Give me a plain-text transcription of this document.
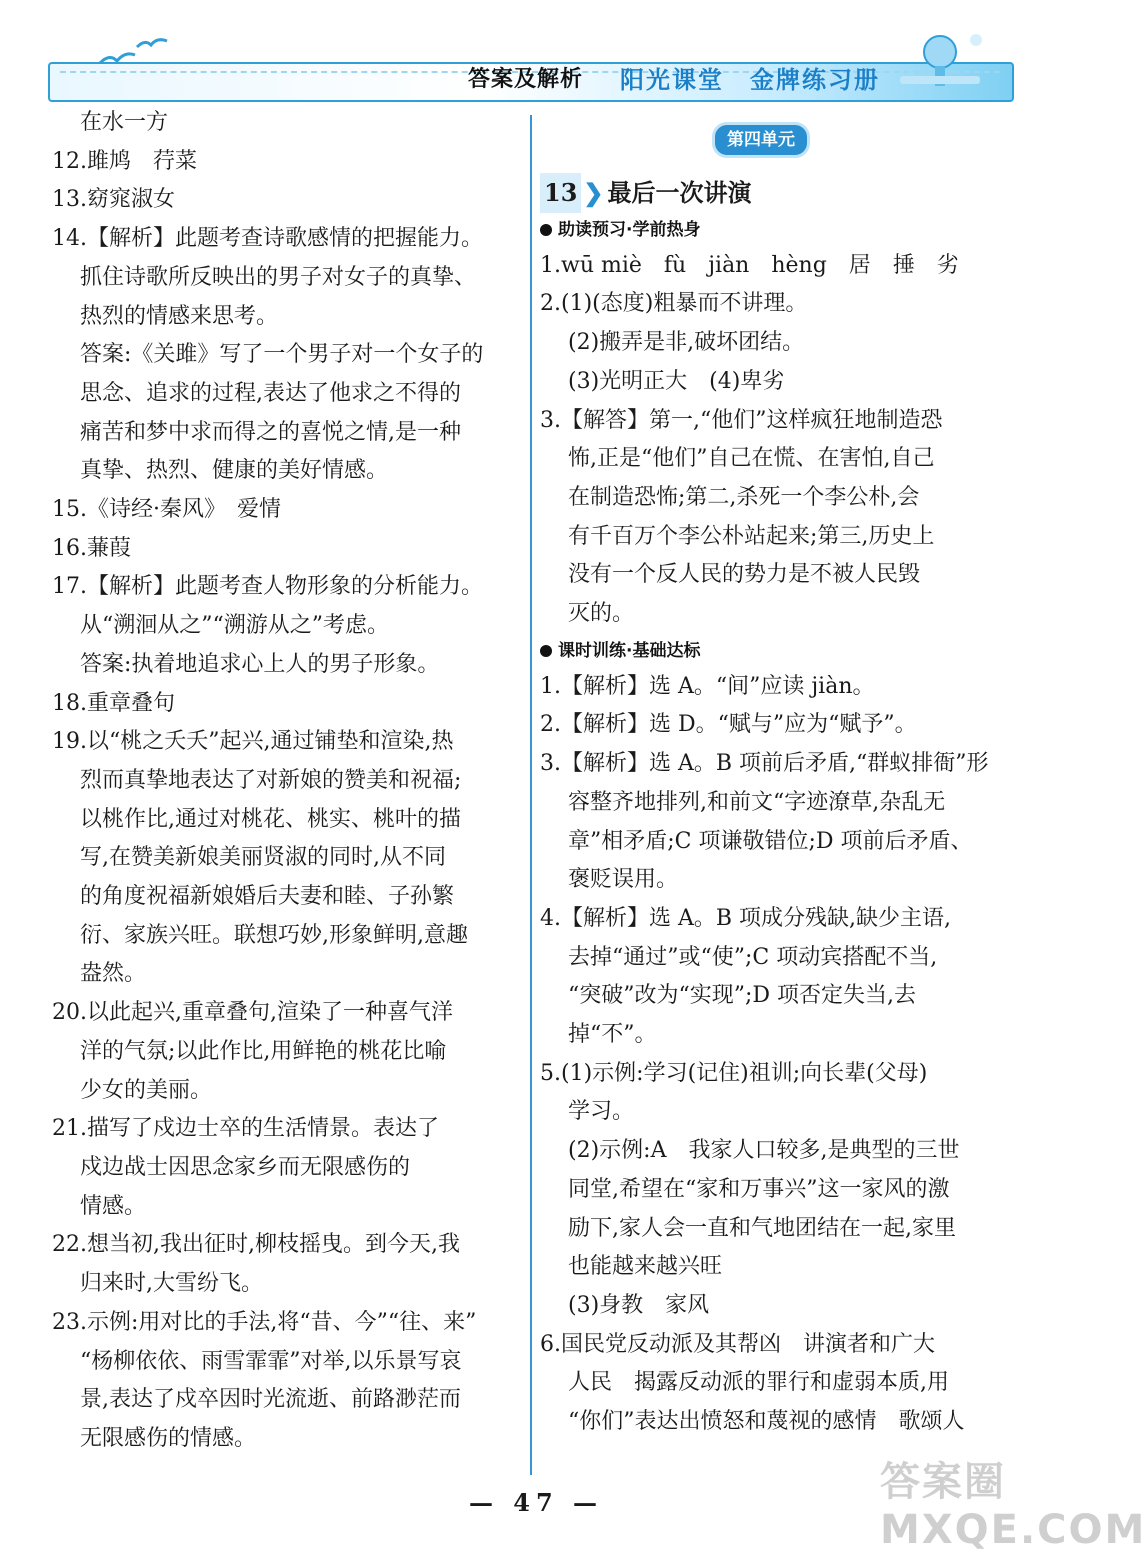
答案及解析 阳光课堂　金牌练习册
在水一方
12.雎鸠　荇菜
13.窈窕淑女
14.【解析】此题考查诗歌感情的把握能力。
抓住诗歌所反映出的男子对女子的真挚、
热烈的情感来思考。
答案:《关雎》写了一个男子对一个女子的
思念、追求的过程,表达了他求之不得的
痛苦和梦中求而得之的喜悦之情,是一种
真挚、热烈、健康的美好情感。
15.《诗经·秦风》　爱情
16.蒹葭
17.【解析】此题考查人物形象的分析能力。
从“溯洄从之”“溯游从之”考虑。
答案:执着地追求心上人的男子形象。
18.重章叠句
19.以“桃之夭夭”起兴,通过铺垫和渲染,热
烈而真挚地表达了对新娘的赞美和祝福;
以桃作比,通过对桃花、桃实、桃叶的描
写,在赞美新娘美丽贤淑的同时,从不同
的角度祝福新娘婚后夫妻和睦、子孙繁
衍、家族兴旺。联想巧妙,形象鲜明,意趣
盎然。
20.以此起兴,重章叠句,渲染了一种喜气洋
洋的气氛;以此作比,用鲜艳的桃花比喻
少女的美丽。
21.描写了戍边士卒的生活情景。表达了
戍边战士因思念家乡而无限感伤的
情感。
22.想当初,我出征时,柳枝摇曳。到今天,我
归来时,大雪纷飞。
23.示例:用对比的手法,将“昔、今”“往、来”
“杨柳依依、雨雪霏霏”对举,以乐景写哀
景,表达了戍卒因时光流逝、前路渺茫而
无限感伤的情感。
第四单元
13 ❯ 最后一次讲演
助读预习·学前热身
1.wū miè　fù　jiàn　hèng　居　捶　劣
2.(1)(态度)粗暴而不讲理。
(2)搬弄是非,破坏团结。
(3)光明正大　(4)卑劣
3.【解答】第一,“他们”这样疯狂地制造恐
怖,正是“他们”自己在慌、在害怕,自己
在制造恐怖;第二,杀死一个李公朴,会
有千百万个李公朴站起来;第三,历史上
没有一个反人民的势力是不被人民毁
灭的。
课时训练·基础达标
1.【解析】选 A。“间”应读 jiàn。
2.【解析】选 D。“赋与”应为“赋予”。
3.【解析】选 A。B 项前后矛盾,“群蚁排衙”形
容整齐地排列,和前文“字迹潦草,杂乱无
章”相矛盾;C 项谦敬错位;D 项前后矛盾、
褒贬误用。
4.【解析】选 A。B 项成分残缺,缺少主语,
去掉“通过”或“使”;C 项动宾搭配不当,
“突破”改为“实现”;D 项否定失当,去
掉“不”。
5.(1)示例:学习(记住)祖训;向长辈(父母)
学习。
(2)示例:A　我家人口较多,是典型的三世
同堂,希望在“家和万事兴”这一家风的激
励下,家人会一直和气地团结在一起,家里
也能越来越兴旺
(3)身教　家风
6.国民党反动派及其帮凶　讲演者和广大
人民　揭露反动派的罪行和虚弱本质,用
“你们”表达出愤怒和蔑视的感情　歌颂人
— 47 —	答案圈 MXQE.COM
